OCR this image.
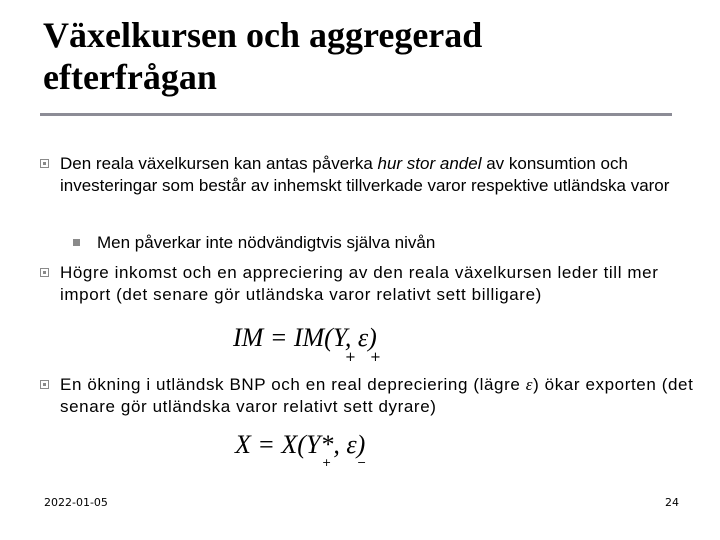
Växelkursen och aggregerad
efterfrågan
Den reala växelkursen kan antas påverka hur stor andel av konsumtion och investeringar som består av inhemskt tillverkade varor respektive utländska varor
Men påverkar inte nödvändigtvis själva nivån
Högre inkomst och en appreciering av den reala växelkursen leder till mer import (det senare gör utländska varor relativt sett billigare)
IM = IM(Y, ε)
+ +
En ökning i utländsk BNP och en real depreciering (lägre ε) ökar exporten (det senare gör utländska varor relativt sett dyrare)
X = X(Y*, ε)
+ −
2022-01-05	24
